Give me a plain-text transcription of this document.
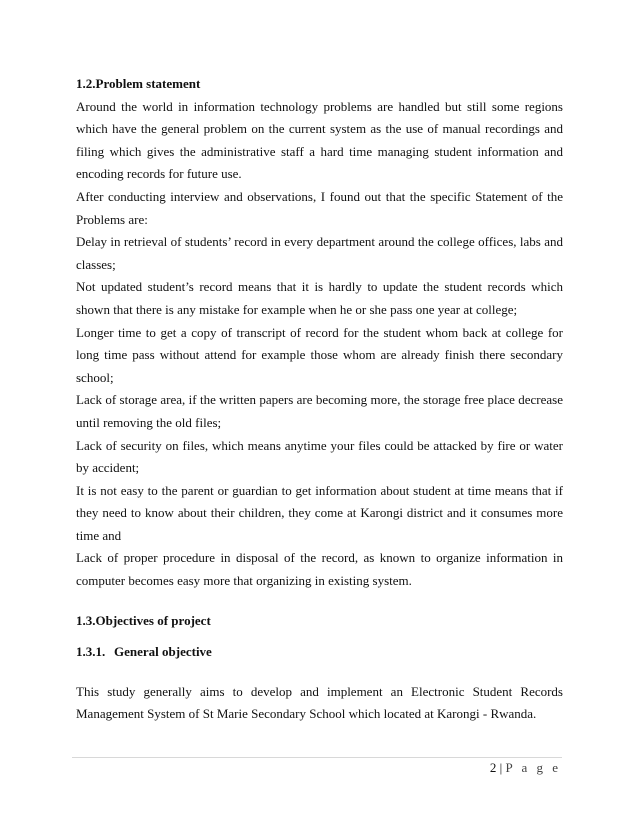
1.2.Problem statement

Around the world in information technology problems are handled but still some regions which have the general problem on the current system as the use of manual recordings and filing which gives the administrative staff a hard time managing student information and encoding records for future use.

After conducting interview and observations, I found out that the specific Statement of the Problems are:

Delay in retrieval of students’ record in every department around the college offices, labs and classes;

Not updated student’s record means that it is hardly to update the student records which shown that there is any mistake for example when he or she pass one year at college;

Longer time to get a copy of transcript of record for the student whom back at college for long time pass without attend for example those whom are already finish there secondary school;

Lack of storage area, if the written papers are becoming more, the storage free place decrease until removing the old files;

Lack of security on files, which means anytime your files could be attacked by fire or water by accident;

It is not easy to the parent or guardian to get information about student at time means that if they need to know about their children, they come at Karongi district and it consumes more time and

Lack of proper procedure in disposal of the record, as known to organize information in computer becomes easy more that organizing in existing system.

1.3.Objectives of project
1.3.1. General objective

This study generally aims to develop and implement an Electronic Student Records Management System of St Marie Secondary School which located at Karongi - Rwanda.

2 | P a g e
